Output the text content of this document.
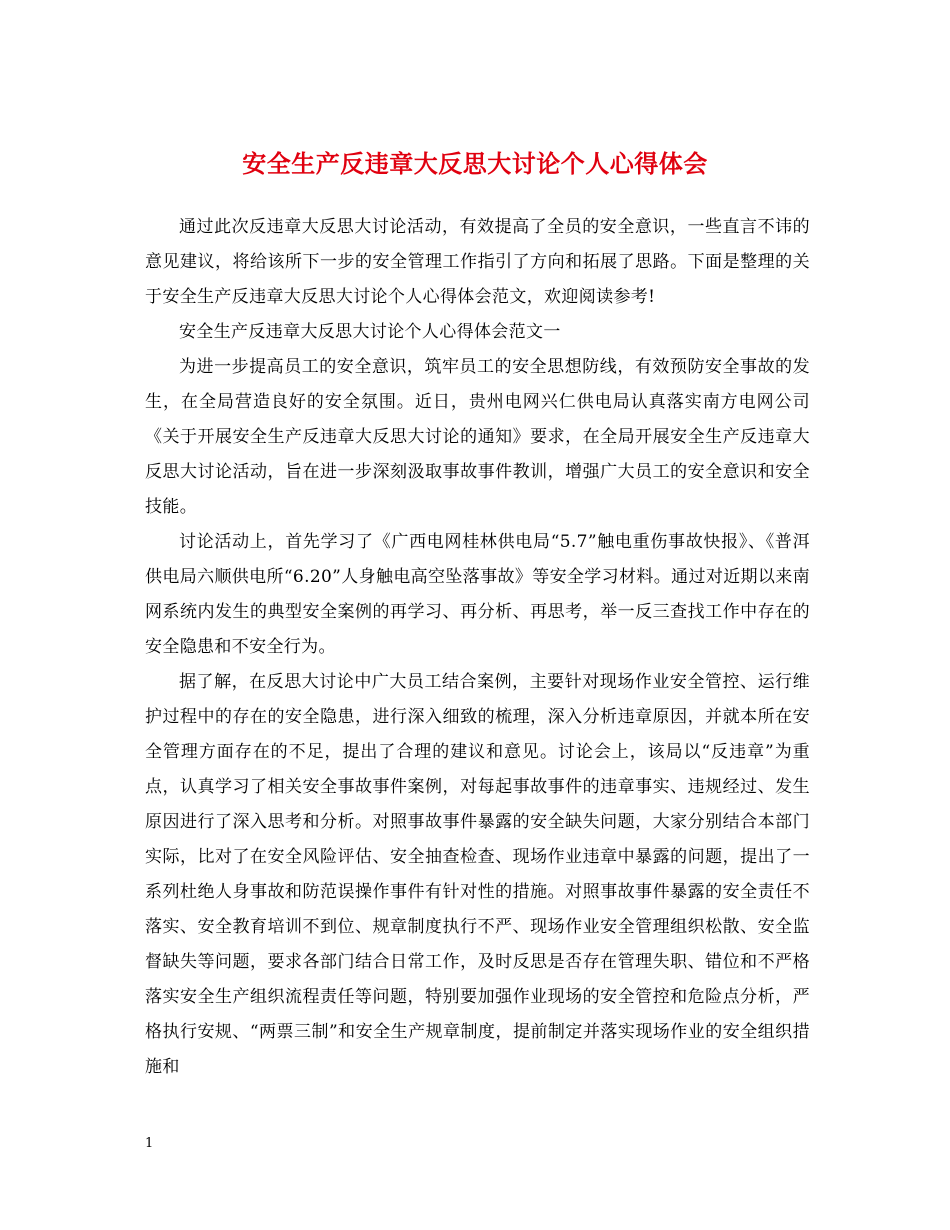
安全生产反违章大反思大讨论个人心得体会

通过此次反违章大反思大讨论活动，有效提高了全员的安全意识，一些直言不讳的意见建议，将给该所下一步的安全管理工作指引了方向和拓展了思路。下面是整理的关于安全生产反违章大反思大讨论个人心得体会范文，欢迎阅读参考!

安全生产反违章大反思大讨论个人心得体会范文一

为进一步提高员工的安全意识，筑牢员工的安全思想防线，有效预防安全事故的发生，在全局营造良好的安全氛围。近日，贵州电网兴仁供电局认真落实南方电网公司《关于开展安全生产反违章大反思大讨论的通知》要求，在全局开展安全生产反违章大反思大讨论活动，旨在进一步深刻汲取事故事件教训，增强广大员工的安全意识和安全技能。

讨论活动上，首先学习了《广西电网桂林供电局“5.7”触电重伤事故快报》、《普洱供电局六顺供电所“6.20”人身触电高空坠落事故》等安全学习材料。通过对近期以来南网系统内发生的典型安全案例的再学习、再分析、再思考，举一反三查找工作中存在的安全隐患和不安全行为。

据了解，在反思大讨论中广大员工结合案例，主要针对现场作业安全管控、运行维护过程中的存在的安全隐患，进行深入细致的梳理，深入分析违章原因，并就本所在安全管理方面存在的不足，提出了合理的建议和意见。讨论会上，该局以“反违章”为重点，认真学习了相关安全事故事件案例，对每起事故事件的违章事实、违规经过、发生原因进行了深入思考和分析。对照事故事件暴露的安全缺失问题，大家分别结合本部门实际，比对了在安全风险评估、安全抽查检查、现场作业违章中暴露的问题，提出了一系列杜绝人身事故和防范误操作事件有针对性的措施。对照事故事件暴露的安全责任不落实、安全教育培训不到位、规章制度执行不严、现场作业安全管理组织松散、安全监督缺失等问题，要求各部门结合日常工作，及时反思是否存在管理失职、错位和不严格落实安全生产组织流程责任等问题，特别要加强作业现场的安全管控和危险点分析，严格执行安规、“两票三制”和安全生产规章制度，提前制定并落实现场作业的安全组织措施和

1
